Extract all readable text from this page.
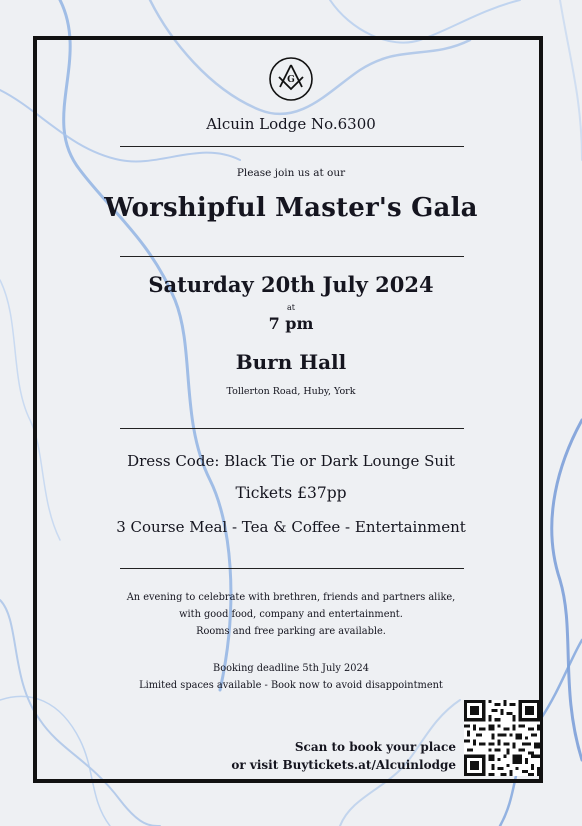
G
Alcuin Lodge No.6300
Please join us at our
Worshipful Master's Gala
Saturday 20th July 2024
at
7 pm
Burn Hall
Tollerton Road, Huby, York
Dress Code: Black Tie or Dark Lounge Suit
Tickets £37pp
3 Course Meal - Tea & Coffee - Entertainment
An evening to celebrate with brethren, friends and partners alike,
with good food, company and entertainment.
Rooms and free parking are available.
Booking deadline 5th July 2024
Limited spaces available - Book now to avoid disappointment
Scan to book your place
or visit Buytickets.at/Alcuinlodge
